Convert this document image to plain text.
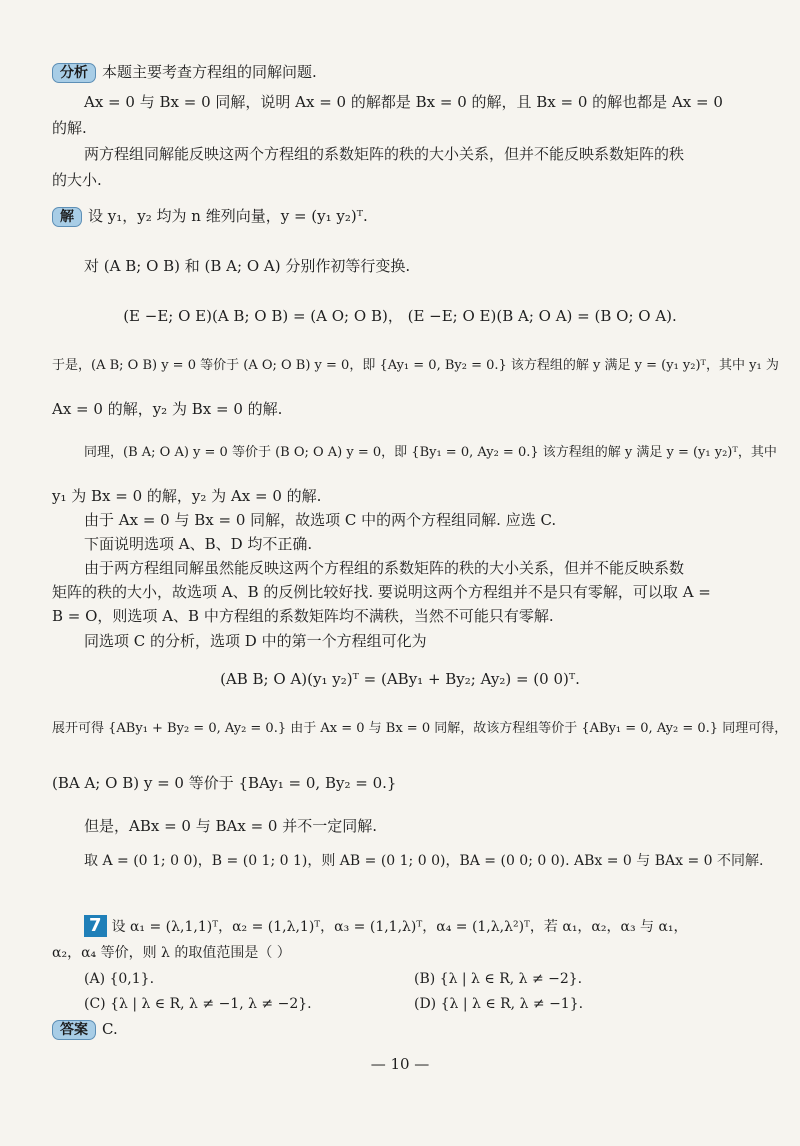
分析 本题主要考查方程组的同解问题.
Ax = 0 与 Bx = 0 同解，说明 Ax = 0 的解都是 Bx = 0 的解，且 Bx = 0 的解也都是 Ax = 0
的解.
两方程组同解能反映这两个方程组的系数矩阵的秩的大小关系，但并不能反映系数矩阵的秩
的大小.
解 设 y₁，y₂ 均为 n 维列向量，y = (y₁ y₂)ᵀ.
对 (A B; O B) 和 (B A; O A) 分别作初等行变换.
(E −E; O E)(A B; O B) = (A O; O B)， (E −E; O E)(B A; O A) = (B O; O A).
于是，(A B; O B) y = 0 等价于 (A O; O B) y = 0，即 {Ay₁ = 0, By₂ = 0.} 该方程组的解 y 满足 y = (y₁ y₂)ᵀ，其中 y₁ 为
Ax = 0 的解，y₂ 为 Bx = 0 的解.
同理，(B A; O A) y = 0 等价于 (B O; O A) y = 0，即 {By₁ = 0, Ay₂ = 0.} 该方程组的解 y 满足 y = (y₁ y₂)ᵀ，其中
y₁ 为 Bx = 0 的解，y₂ 为 Ax = 0 的解.
由于 Ax = 0 与 Bx = 0 同解，故选项 C 中的两个方程组同解. 应选 C.
下面说明选项 A、B、D 均不正确.
由于两方程组同解虽然能反映这两个方程组的系数矩阵的秩的大小关系，但并不能反映系数
矩阵的秩的大小，故选项 A、B 的反例比较好找. 要说明这两个方程组并不是只有零解，可以取 A =
B = O，则选项 A、B 中方程组的系数矩阵均不满秩，当然不可能只有零解.
同选项 C 的分析，选项 D 中的第一个方程组可化为
(AB B; O A)(y₁ y₂)ᵀ = (ABy₁ + By₂; Ay₂) = (0 0)ᵀ.
展开可得 {ABy₁ + By₂ = 0, Ay₂ = 0.} 由于 Ax = 0 与 Bx = 0 同解，故该方程组等价于 {ABy₁ = 0, Ay₂ = 0.} 同理可得，
(BA A; O B) y = 0 等价于 {BAy₁ = 0, By₂ = 0.}
但是，ABx = 0 与 BAx = 0 并不一定同解.
取 A = (0 1; 0 0)，B = (0 1; 0 1)，则 AB = (0 1; 0 0)，BA = (0 0; 0 0). ABx = 0 与 BAx = 0 不同解.
7 设 α₁ = (λ,1,1)ᵀ，α₂ = (1,λ,1)ᵀ，α₃ = (1,1,λ)ᵀ，α₄ = (1,λ,λ²)ᵀ，若 α₁，α₂，α₃ 与 α₁，
α₂，α₄ 等价，则 λ 的取值范围是（ ）
(A) {0,1}.	(B) {λ | λ ∈ R, λ ≠ −2}.
(C) {λ | λ ∈ R, λ ≠ −1, λ ≠ −2}.	(D) {λ | λ ∈ R, λ ≠ −1}.
答案 C.
— 10 —
